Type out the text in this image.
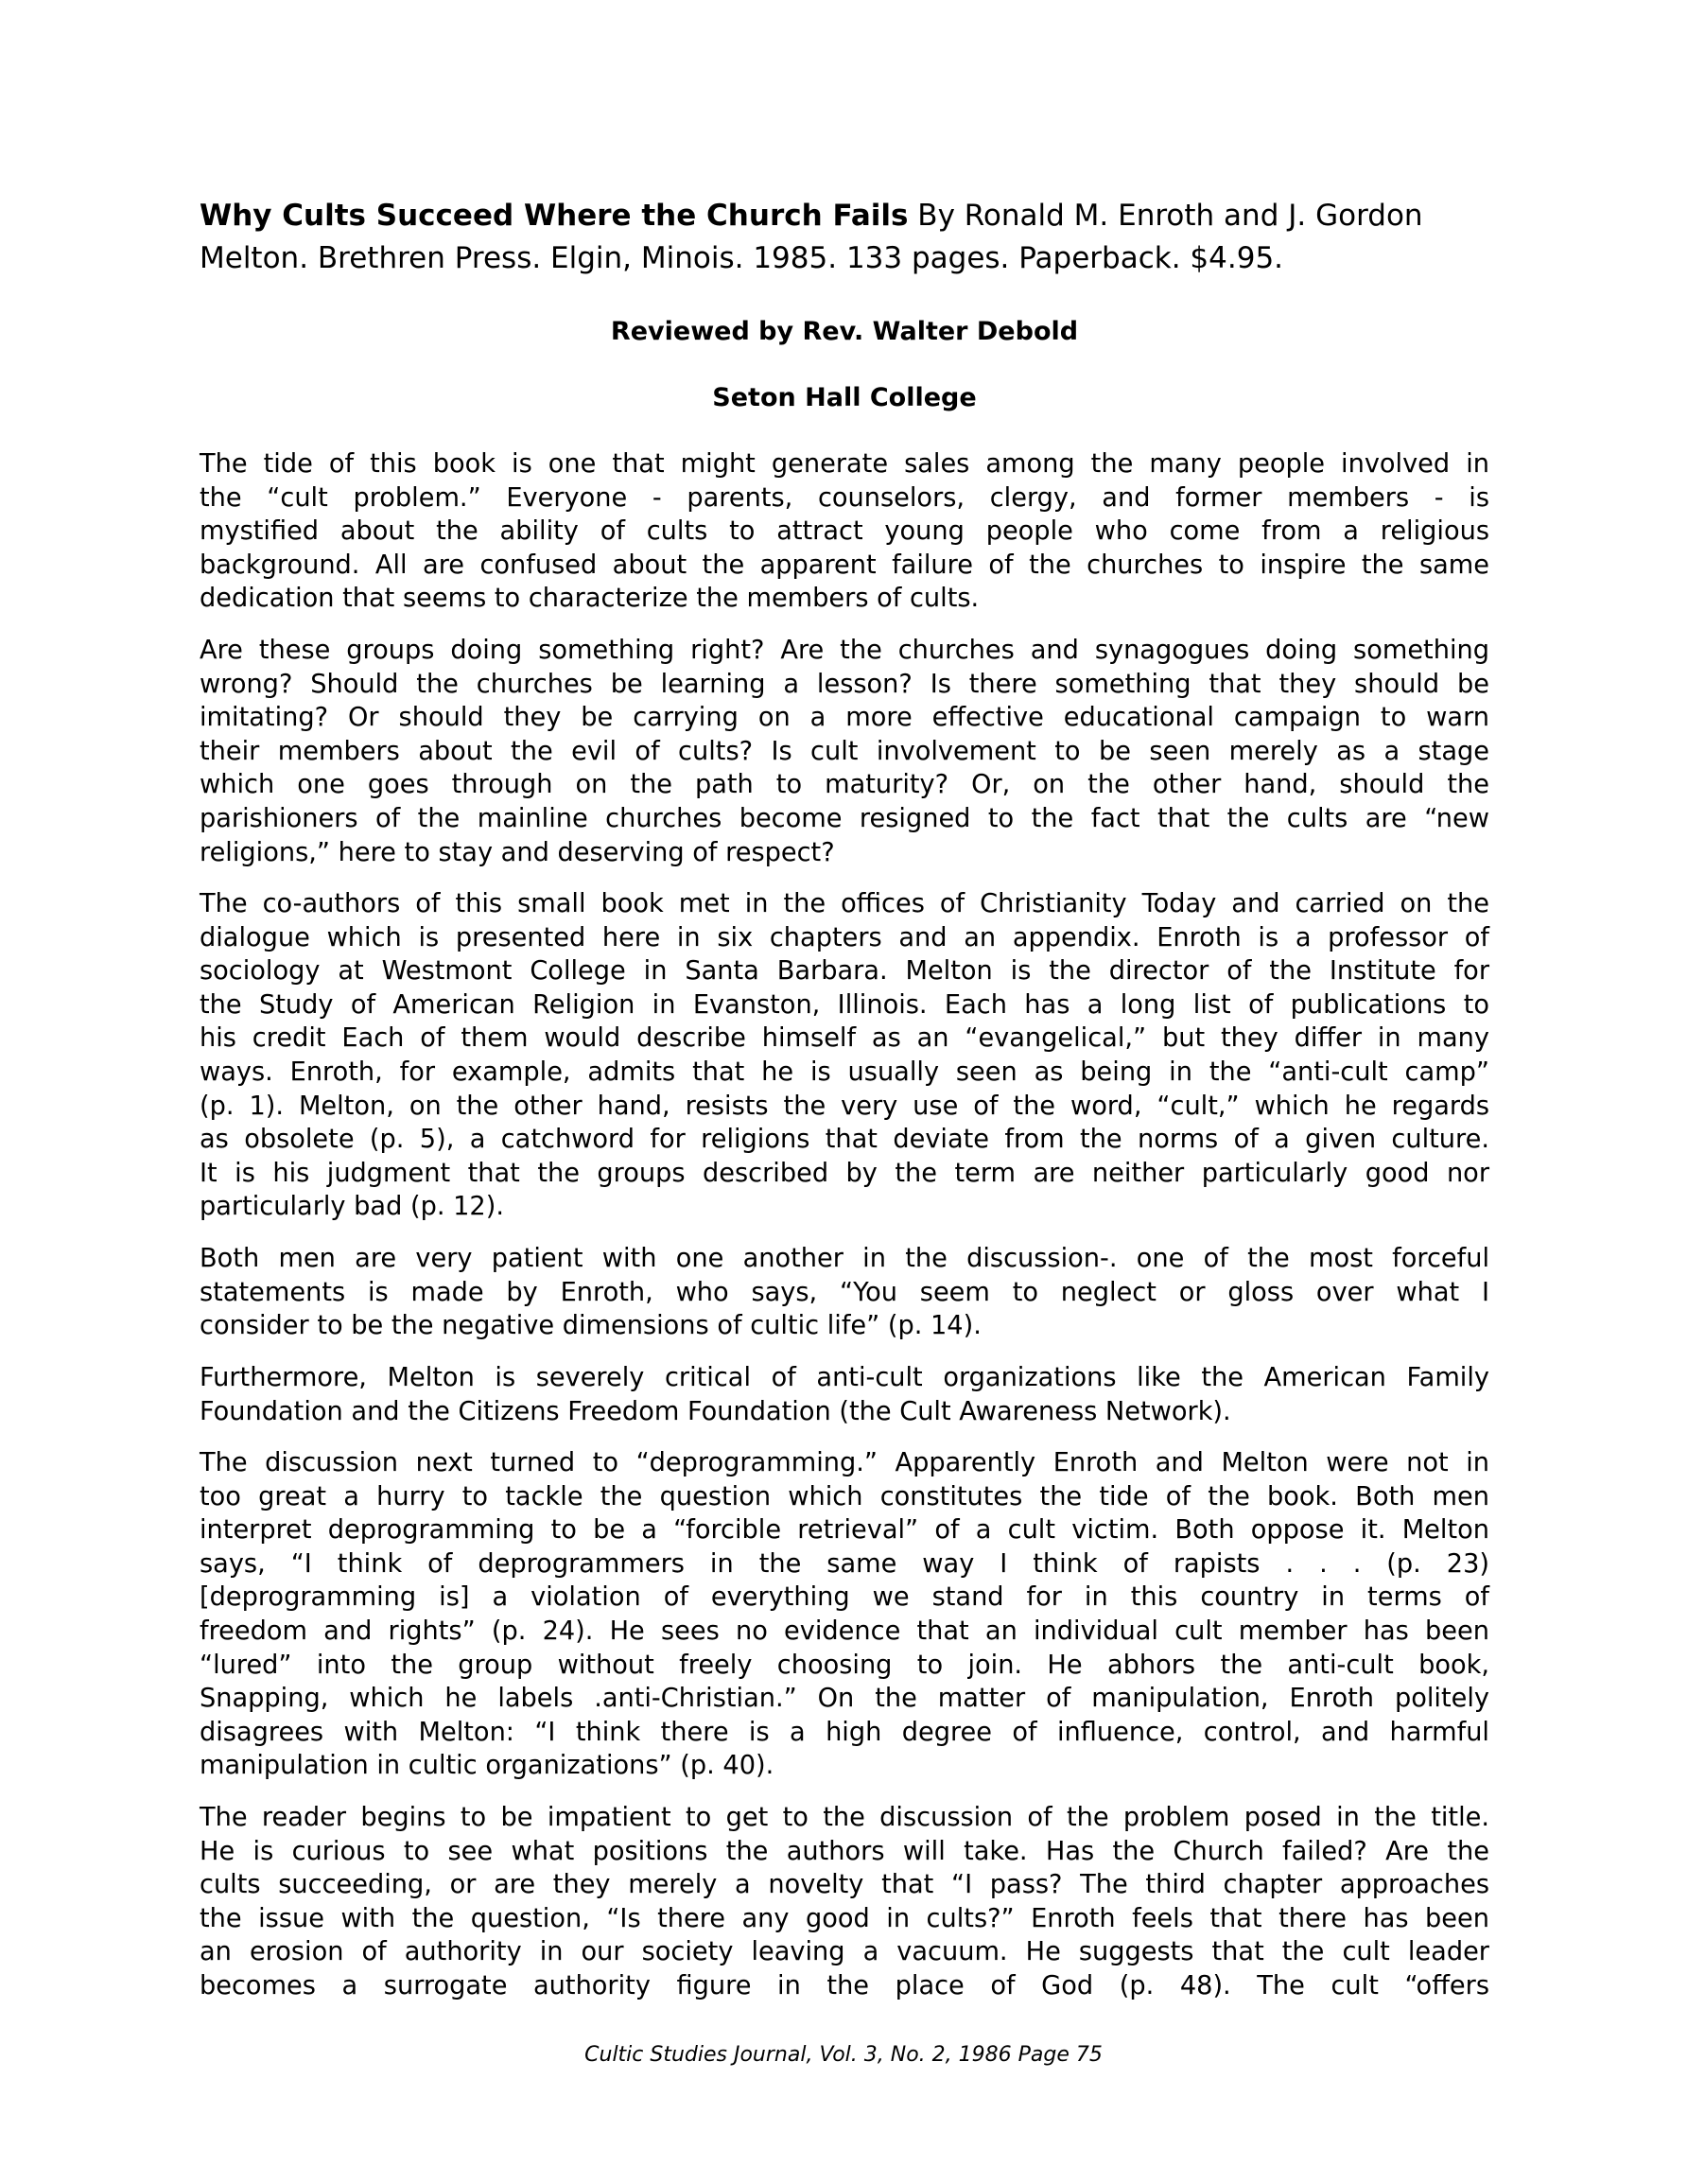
Why Cults Succeed Where the Church Fails By Ronald M. Enroth and J. Gordon
Melton. Brethren Press. Elgin, Minois. 1985. 133 pages. Paperback. $4.95.
Reviewed by Rev. Walter Debold
Seton Hall College
The tide of this book is one that might generate sales among the many people involved in
the “cult problem.” Everyone - parents, counselors, clergy, and former members - is
mystified about the ability of cults to attract young people who come from a religious
background. All are confused about the apparent failure of the churches to inspire the same
dedication that seems to characterize the members of cults.
Are these groups doing something right? Are the churches and synagogues doing something
wrong? Should the churches be learning a lesson? Is there something that they should be
imitating? Or should they be carrying on a more effective educational campaign to warn
their members about the evil of cults? Is cult involvement to be seen merely as a stage
which one goes through on the path to maturity? Or, on the other hand, should the
parishioners of the mainline churches become resigned to the fact that the cults are “new
religions,” here to stay and deserving of respect?
The co-authors of this small book met in the offices of Christianity Today and carried on the
dialogue which is presented here in six chapters and an appendix. Enroth is a professor of
sociology at Westmont College in Santa Barbara. Melton is the director of the Institute for
the Study of American Religion in Evanston, Illinois. Each has a long list of publications to
his credit Each of them would describe himself as an “evangelical,” but they differ in many
ways. Enroth, for example, admits that he is usually seen as being in the “anti-cult camp”
(p. 1). Melton, on the other hand, resists the very use of the word, “cult,” which he regards
as obsolete (p. 5), a catchword for religions that deviate from the norms of a given culture.
It is his judgment that the groups described by the term are neither particularly good nor
particularly bad (p. 12).
Both men are very patient with one another in the discussion-. one of the most forceful
statements is made by Enroth, who says, “You seem to neglect or gloss over what I
consider to be the negative dimensions of cultic life” (p. 14).
Furthermore, Melton is severely critical of anti-cult organizations like the American Family
Foundation and the Citizens Freedom Foundation (the Cult Awareness Network).
The discussion next turned to “deprogramming.” Apparently Enroth and Melton were not in
too great a hurry to tackle the question which constitutes the tide of the book. Both men
interpret deprogramming to be a “forcible retrieval” of a cult victim. Both oppose it. Melton
says, “I think of deprogrammers in the same way I think of rapists . . . (p. 23)
[deprogramming is] a violation of everything we stand for in this country in terms of
freedom and rights” (p. 24). He sees no evidence that an individual cult member has been
“lured” into the group without freely choosing to join. He abhors the anti-cult book,
Snapping, which he labels .anti-Christian.” On the matter of manipulation, Enroth politely
disagrees with Melton: “I think there is a high degree of influence, control, and harmful
manipulation in cultic organizations” (p. 40).
The reader begins to be impatient to get to the discussion of the problem posed in the title.
He is curious to see what positions the authors will take. Has the Church failed? Are the
cults succeeding, or are they merely a novelty that “I pass? The third chapter approaches
the issue with the question, “Is there any good in cults?” Enroth feels that there has been
an erosion of authority in our society leaving a vacuum. He suggests that the cult leader
becomes a surrogate authority figure in the place of God (p. 48). The cult “offers
Cultic Studies Journal, Vol. 3, No. 2, 1986 Page 75
